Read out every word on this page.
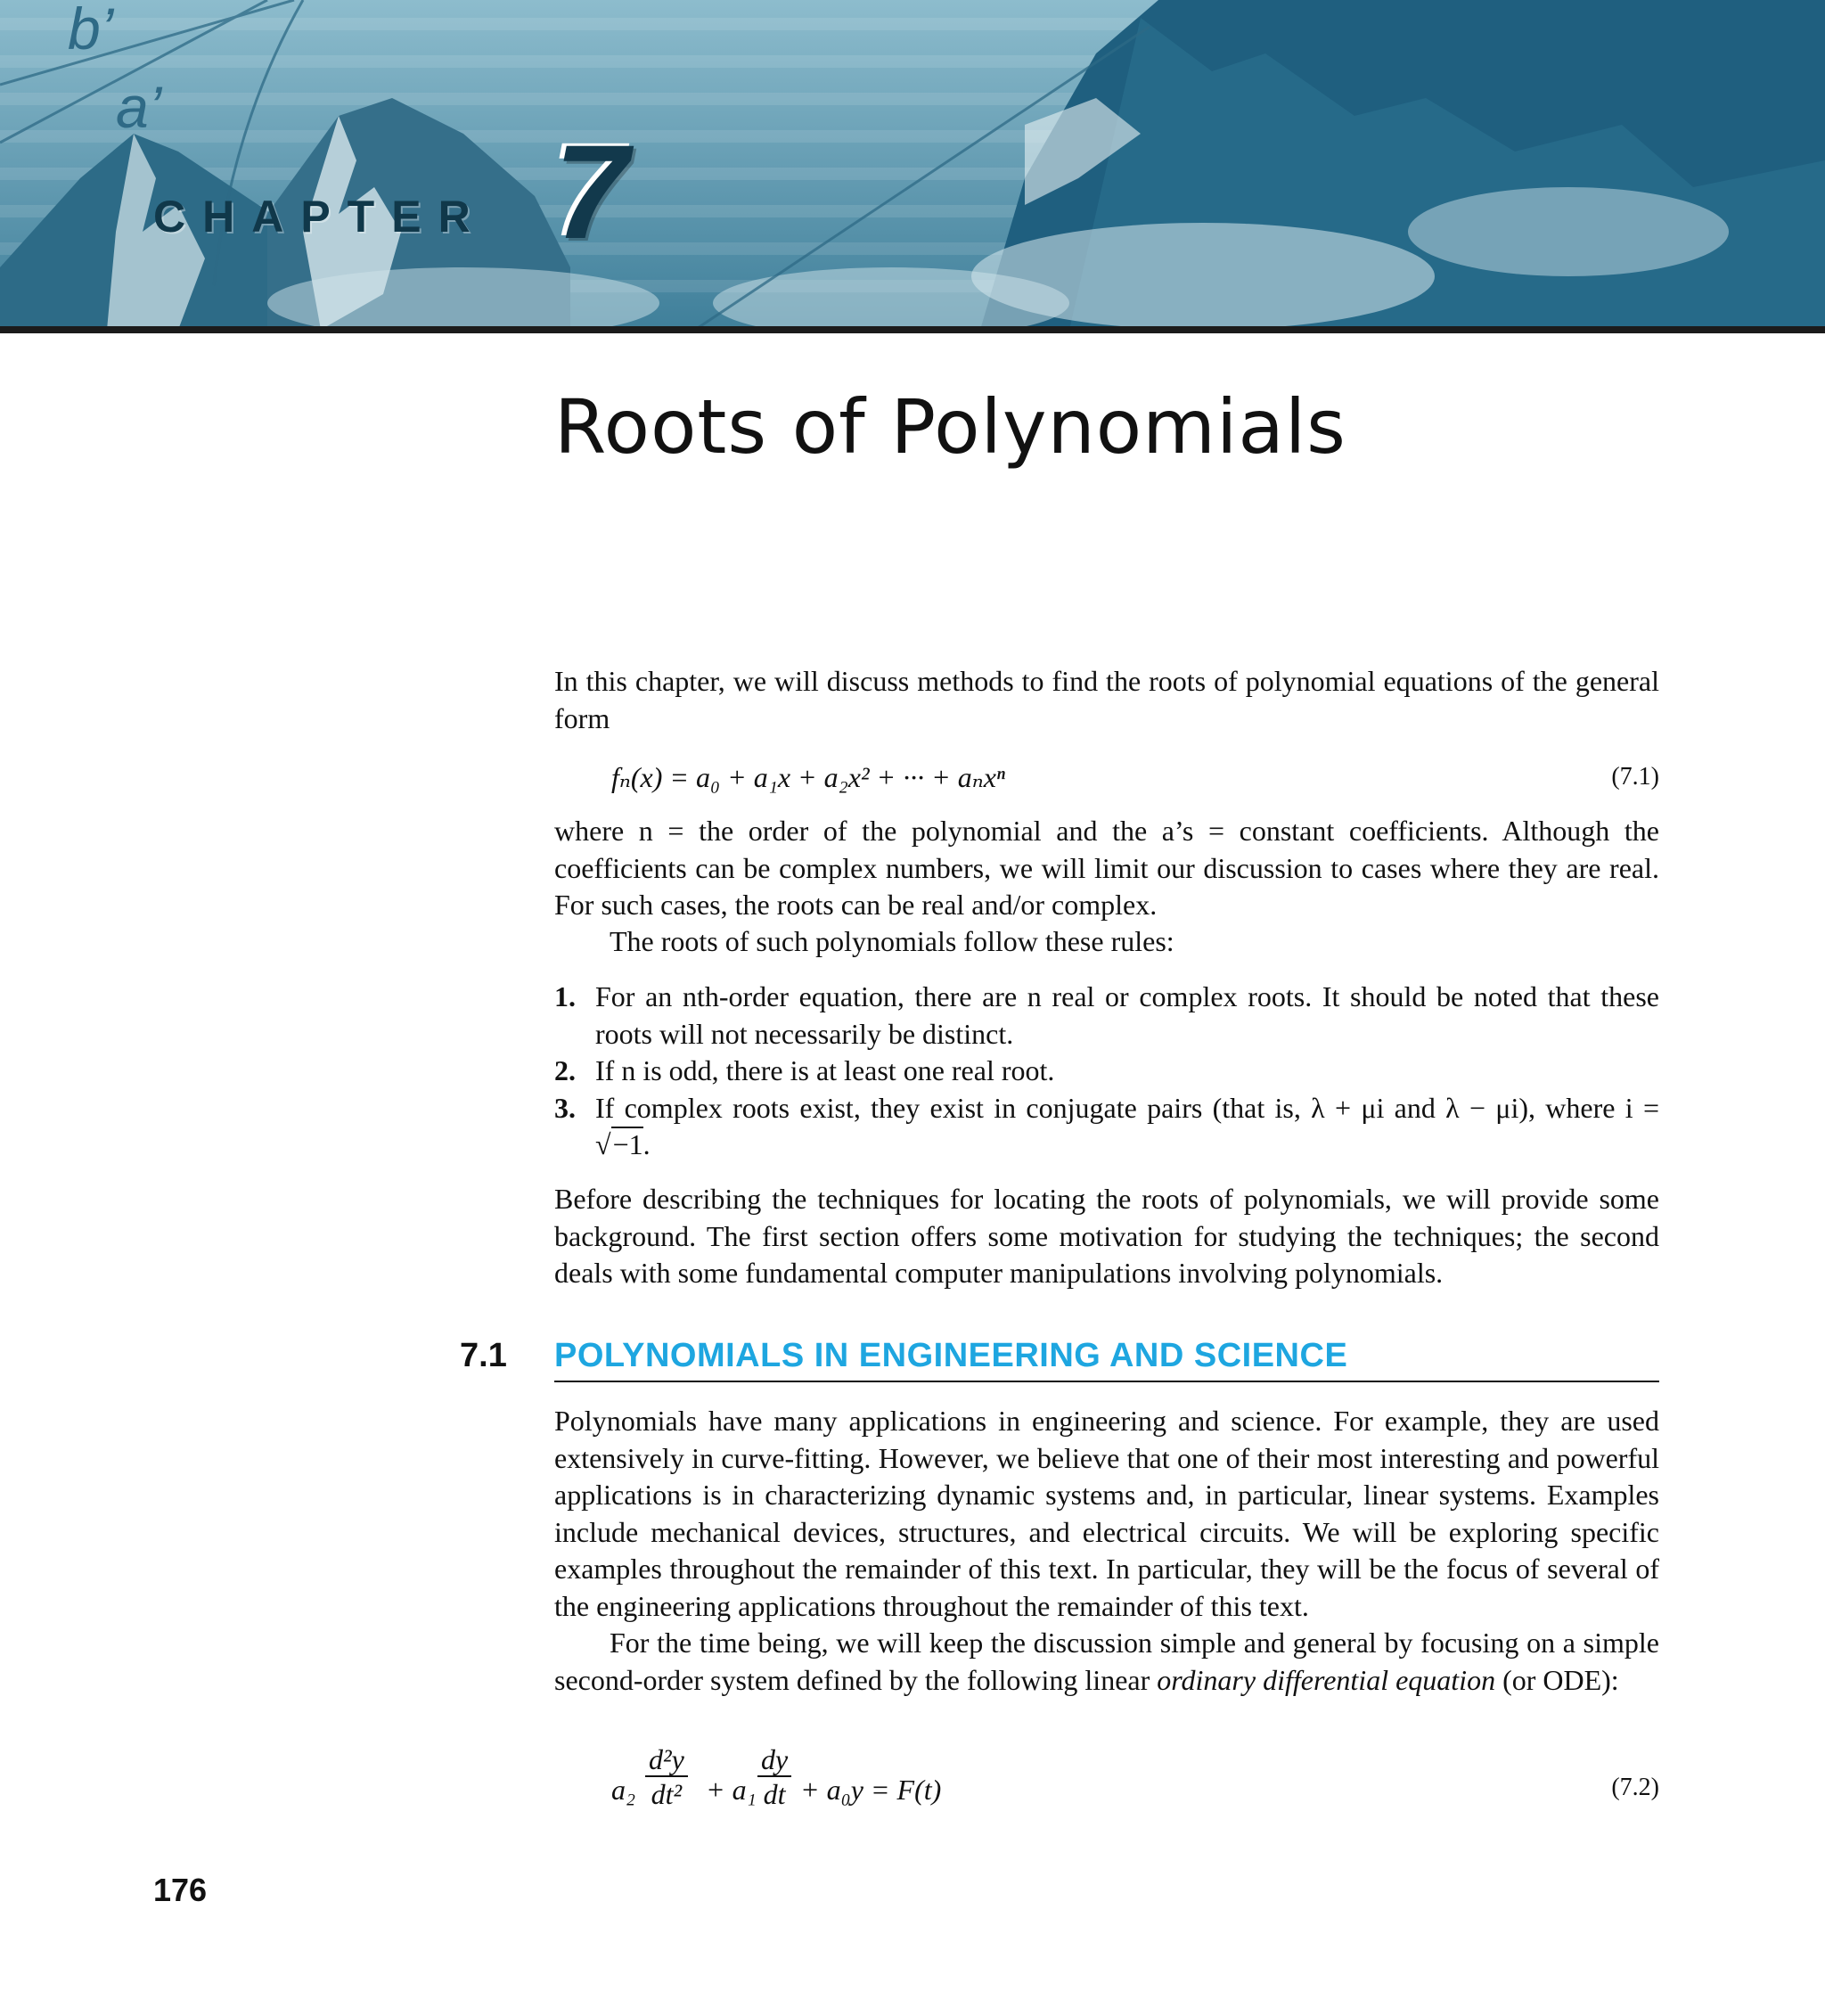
b’
a’
CHAPTER 7
Roots of Polynomials
In this chapter, we will discuss methods to find the roots of polynomial equations of the general form
fₙ(x) = a₀ + a₁x + a₂x² + ··· + aₙxⁿ	(7.1)
where n = the order of the polynomial and the a’s = constant coefficients. Although the coefficients can be complex numbers, we will limit our discussion to cases where they are real. For such cases, the roots can be real and/or complex.
The roots of such polynomials follow these rules:
1. For an nth-order equation, there are n real or complex roots. It should be noted that these roots will not necessarily be distinct.
2. If n is odd, there is at least one real root.
3. If complex roots exist, they exist in conjugate pairs (that is, λ + μi and λ − μi), where i = √−1.
Before describing the techniques for locating the roots of polynomials, we will provide some background. The first section offers some motivation for studying the techniques; the second deals with some fundamental computer manipulations involving polynomials.
7.1 POLYNOMIALS IN ENGINEERING AND SCIENCE
Polynomials have many applications in engineering and science. For example, they are used extensively in curve-fitting. However, we believe that one of their most interesting and powerful applications is in characterizing dynamic systems and, in particular, linear systems. Examples include mechanical devices, structures, and electrical circuits. We will be exploring specific examples throughout the remainder of this text. In particular, they will be the focus of several of the engineering applications throughout the remainder of this text.
For the time being, we will keep the discussion simple and general by focusing on a simple second-order system defined by the following linear ordinary differential equation (or ODE):
$a_2 \frac{\text{d²y}}{\text{dt²}} + a_1 \frac{dy}{dt} + a_0y = F(t)$	(7.2)
176
